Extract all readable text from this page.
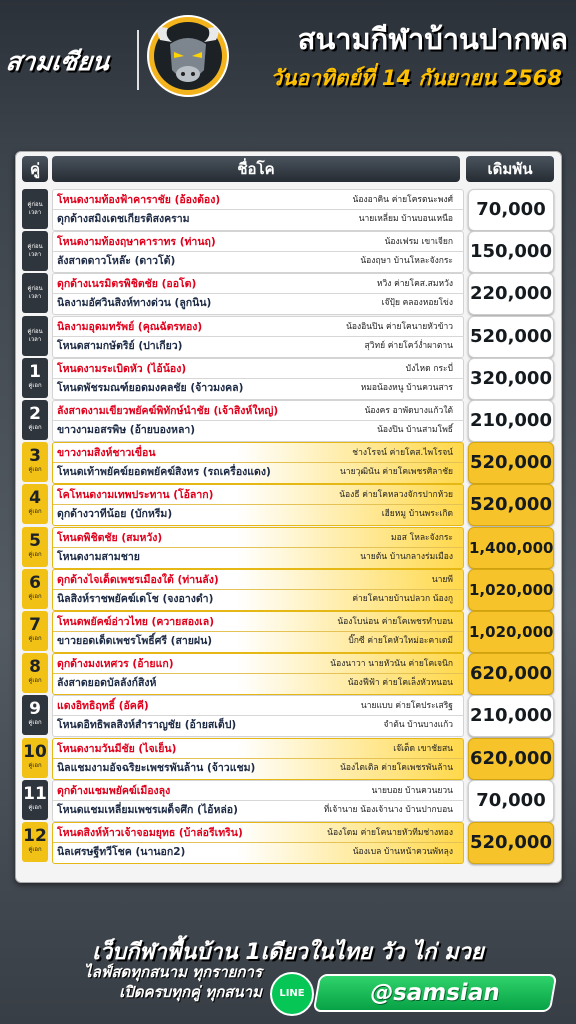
สามเซียน
สนามกีฬาบ้านปากพล
วันอาทิตย์ที่ 14 กันยายน 2568
คู่	ชื่อโค	เดิมพัน
คู่ก่อนเวลา
โหนดงามท้องฟ้าคาราชัย (อ้องต้อง)	น้องอาคิน ค่ายโครตนะพงศ์
ดุกด้างสมิงเดชเกียรติสงคราม	นายเหลี่ยม บ้านบอนเหนือ	70,000
คู่ก่อนเวลา
โหนดงามท้องฤษาคาราทร (ท่านฤ)	น้องเฟรม เขาเจียก
ลังสาดดาวโหล๊ะ (ดาวโต้)	น้องฤษา บ้านโหละจังกระ 150,000
คู่ก่อนเวลา
ดุกด้างเนรมิตรพิชิตชัย (ออโต)	หวิง ค่ายโคส.สมหวัง
นิลงามอัศวินสิงห์ทางด่วน (ลูกนิน)	เจ๊ปุ้ย คลองหอยโข่ง 220,000
คู่ก่อนเวลา
นิลงามอุดมทรัพย์ (คุณฉัตรทอง)	น้องอินปิน ค่ายโคนายหัวข้าว
โหนดสามกษัตริย์ (ปาเกียว)	สุวิทย์ ค่ายโคว์ง่ำผาตาน 520,000
1
คู่เอก
โหนดงามระเบิดหัว (ไอ้น้อง)	บังไหด กระบี่
โหนดพัชรมณฑ์ยอดมงคลชัย (จ้าวมงคล)	หมอน้องหนู บ้านควนสาร 320,000
2
คู่เอก
ลังสาดงามเขียวพยัคฆ์พิทักษ์นำชัย (เจ้าสิงห์ใหญ่)	น้องคร อาพัดบางแก้วใต้
ขาวงามอสรพิษ (อ้ายบองหลา)	น้องปิน บ้านสามโพธิ์ 210,000
3
คู่เอก
ขาวงามสิงห์ชาวเขื่อน	ช่างโรจน์ ค่ายโคส.ไพโรจน์
โหนดเท้าพยัคฆ์ยอดพยัคฆ์สิงหร (รถเครื่องแดง)	นายวุฒินัน ค่ายโคเพชรศิลาชัย 520,000
4
คู่เอก
โคโหนดงามเทพประทาน (โอ้ลาก)	น้องธี ค่ายโคหลวงจักรปากห้วย
ดุกด้างวาทีน้อย (บักหรีม)	เฮียหมู บ้านพระเกิด 520,000
5
คู่เอก
โหนดพิชิตชัย (สมหวัง)	มอส โหละจังกระ
โหนดงามสามชาย	นายต้น บ้านกลางร่มเมือง 1,400,000
6
คู่เอก
ดุกด้างไจเด็ดเพชรเมืองใต้ (ท่านลัง)	นายพี
นิลสิงห์ราชพยัคฆ์เดโช (จงอางดำ)	ค่ายโคนายบ้านปลวก น้องกู 1,020,000
7
คู่เอก
โหนดพยัคฆ์อ่าวไทย (ควายสองเล)	น้องโบน่อน ค่ายโคเพชรทำบอน
ขาวยอดเด็ดเพชรโพธิ์ศรี (สายฝน)	บิ๊กซี ค่ายโคหัวใหม่อะคาเดมี 1,020,000
8
คู่เอก
ดุกด้างมงเหศวร (อ้ายแก)	น้องนาวา นายหัวนัน ค่ายโคเจนิก
ลังสาดยอดบัลลังก์สิงห์	น้องฟีฟ้า ค่ายโคเล็งหัวหนอน 620,000
9
คู่เอก
แดงอิทธิฤทธิ์ (อัคคี)	นายแบบ ค่ายโคประเสริฐ
โหนดอิทธิพลสิงห์สำราญชัย (อ้ายสเต็ป)	จำต้น บ้านบางแก้ว 210,000
10
คู่เอก
โหนดงามวันมีชัย (ไจเย็น)	เจ๊เต็ด เขาชัยสน
นิลแชมงามอัจฉริยะเพชรพันล้าน (จ้าวแชม)	น้องไตเติล ค่ายโคเพชรพันล้าน 620,000
11
คู่เอก
ดุกด้างแชมพยัคฆ์เมืองลุง	นายบอย บ้านควนยวน
โหนดแชมเหลี่ยมเพชรเผด็จศึก (ไอ้หล่อ)	ที่เจ้านาย น้องเจ้านาง บ้านปากบอน	70,000
12
คู่เอก
โหนดสิงห์ห้าวเจ้าจอมยุทธ (บ้าล่อรีเทริน)	น้องโดม ค่ายโคนายหัวทีมช่างทอง
นิลเศรษฐีทวีโชค (นานอก2)	น้องเบล บ้านหน้าควนพัทลุง 520,000
เว็บกีฬาพื้นบ้าน 1เดียวในไทย วัว ไก่ มวย
ไลฟ์สดทุกสนาม ทุกรายการ
เปิดครบทุกคู่ ทุกสนาม	LINE	@samsian
